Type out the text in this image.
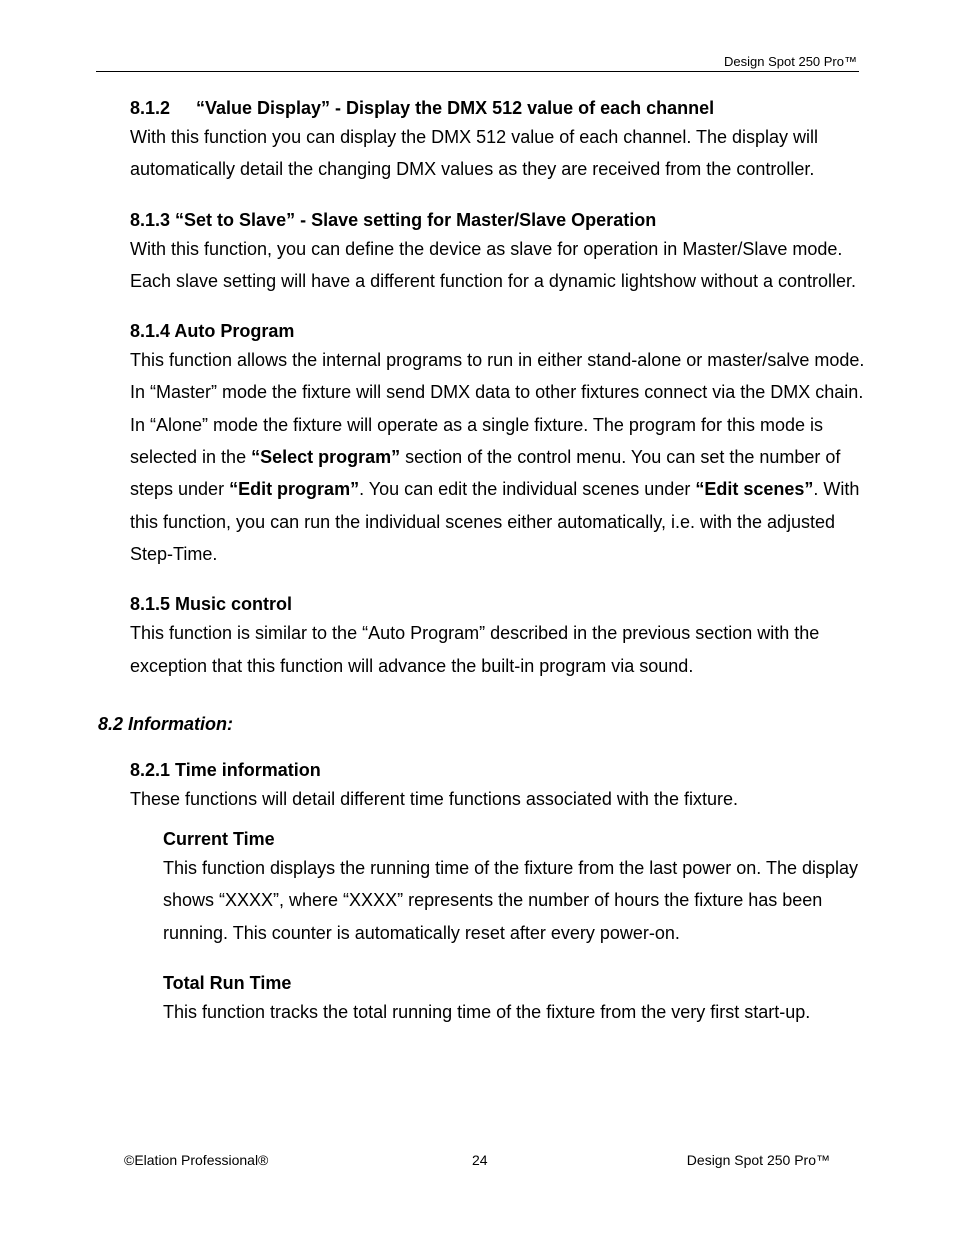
Design Spot 250 Pro™
8.1.2 “Value Display” - Display the DMX 512 value of each channel
With this function you can display the DMX 512 value of each channel. The display will automatically detail the changing DMX values as they are received from the controller.
8.1.3 “Set to Slave” - Slave setting for Master/Slave Operation
With this function, you can define the device as slave for operation in Master/Slave mode. Each slave setting will have a different function for a dynamic lightshow without a controller.
8.1.4 Auto Program
This function allows the internal programs to run in either stand-alone or master/salve mode. In “Master” mode the fixture will send DMX data to other fixtures connect via the DMX chain. In “Alone” mode the fixture will operate as a single fixture. The program for this mode is selected in the “Select program” section of the control menu. You can set the number of steps under “Edit program”. You can edit the individual scenes under “Edit scenes”. With this function, you can run the individual scenes either automatically, i.e. with the adjusted Step-Time.
8.1.5 Music control
This function is similar to the “Auto Program” described in the previous section with the exception that this function will advance the built-in program via sound.
8.2 Information:
8.2.1 Time information
These functions will detail different time functions associated with the fixture.
Current Time
This function displays the running time of the fixture from the last power on. The display shows “XXXX”, where “XXXX” represents the number of hours the fixture has been running. This counter is automatically reset after every power-on.
Total Run Time
This function tracks the total running time of the fixture from the very first start-up.
©Elation Professional®	24	Design Spot 250 Pro™
